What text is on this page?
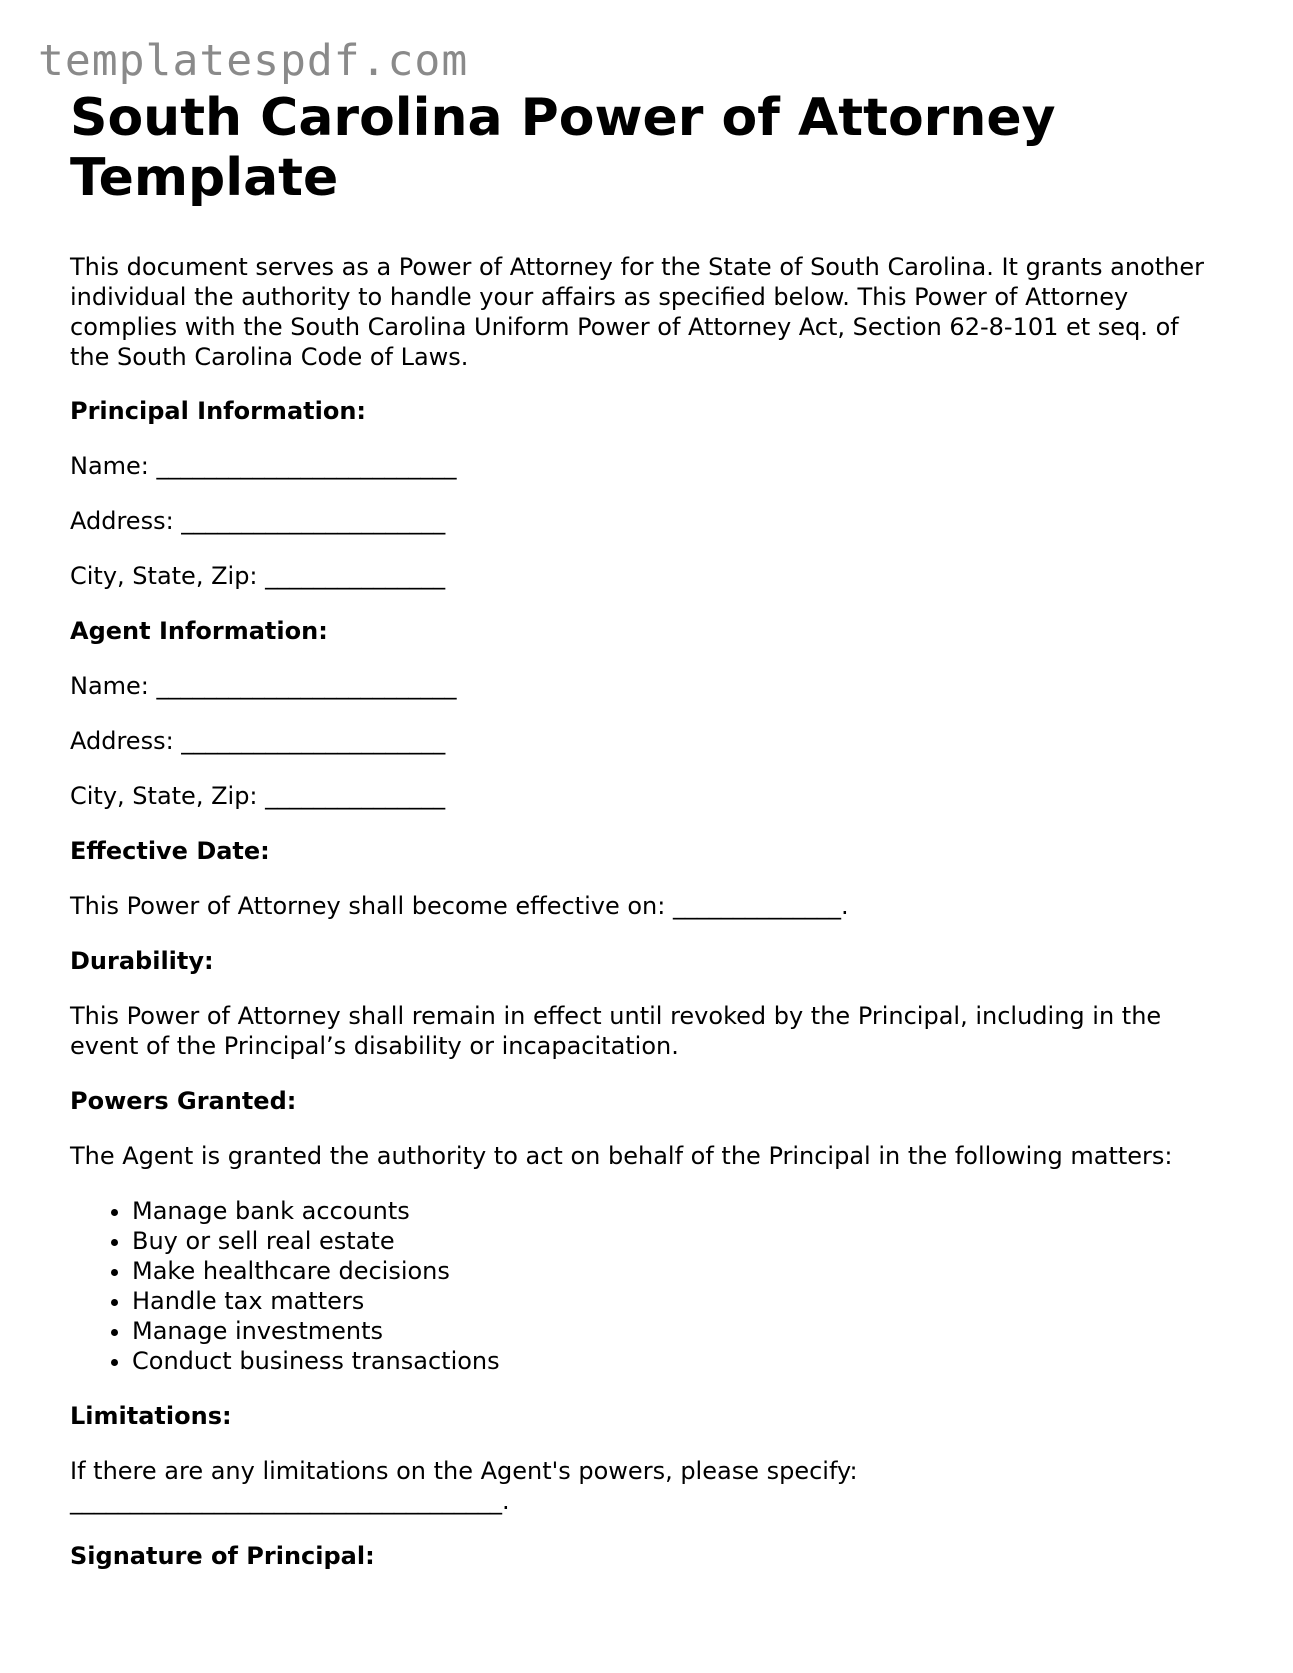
templatespdf.com
South Carolina Power of Attorney Template

This document serves as a Power of Attorney for the State of South Carolina. It grants another individual the authority to handle your affairs as specified below. This Power of Attorney complies with the South Carolina Uniform Power of Attorney Act, Section 62-8-101 et seq. of the South Carolina Code of Laws.

Principal Information:
Name: _________________________
Address: ______________________
City, State, Zip: _______________
Agent Information:
Name: _________________________
Address: ______________________
City, State, Zip: _______________
Effective Date:

This Power of Attorney shall become effective on: ______________.

Durability:

This Power of Attorney shall remain in effect until revoked by the Principal, including in the event of the Principal’s disability or incapacitation.

Powers Granted:

The Agent is granted the authority to act on behalf of the Principal in the following matters:

• Manage bank accounts
• Buy or sell real estate
• Make healthcare decisions
• Handle tax matters
• Manage investments
• Conduct business transactions
Limitations:

If there are any limitations on the Agent's powers, please specify: ____________________________________.

Signature of Principal:
